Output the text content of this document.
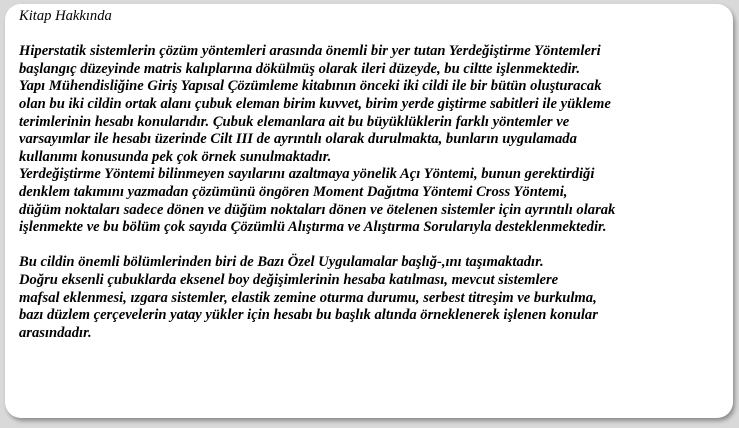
Kitap Hakkında
Hiperstatik sistemlerin çözüm yöntemleri arasında önemli bir yer tutan Yerdeğiştirme Yöntemleri
başlangıç düzeyinde matris kalıplarına dökülmüş olarak ileri düzeyde, bu ciltte işlenmektedir.
Yapı Mühendisliğine Giriş Yapısal Çözümleme kitabının önceki iki cildi ile bir bütün oluşturacak
olan bu iki cildin ortak alanı çubuk eleman birim kuvvet, birim yerde giştirme sabitleri ile yükleme
terimlerinin hesabı konularıdır. Çubuk elemanlara ait bu büyüklüklerin farklı yöntemler ve
varsayımlar ile hesabı üzerinde Cilt III de ayrıntılı olarak durulmakta, bunların uygulamada
kullanımı konusunda pek çok örnek sunulmaktadır.
Yerdeğiştirme Yöntemi bilinmeyen sayılarını azaltmaya yönelik Açı Yöntemi, bunun gerektirdiği
denklem takımını yazmadan çözümünü öngören Moment Dağıtma Yöntemi Cross Yöntemi,
düğüm noktaları sadece dönen ve düğüm noktaları dönen ve ötelenen sistemler için ayrıntılı olarak
işlenmekte ve bu bölüm çok sayıda Çözümlü Alıştırma ve Alıştırma Sorularıyla desteklenmektedir.
Bu cildin önemli bölümlerinden biri de Bazı Özel Uygulamalar başlığ-,ını taşımaktadır.
Doğru eksenli çubuklarda eksenel boy değişimlerinin hesaba katılması, mevcut sistemlere
mafsal eklenmesi, ızgara sistemler, elastik zemine oturma durumu, serbest titreşim ve burkulma,
bazı düzlem çerçevelerin yatay yükler için hesabı bu başlık altında örneklenerek işlenen konular
arasındadır.
